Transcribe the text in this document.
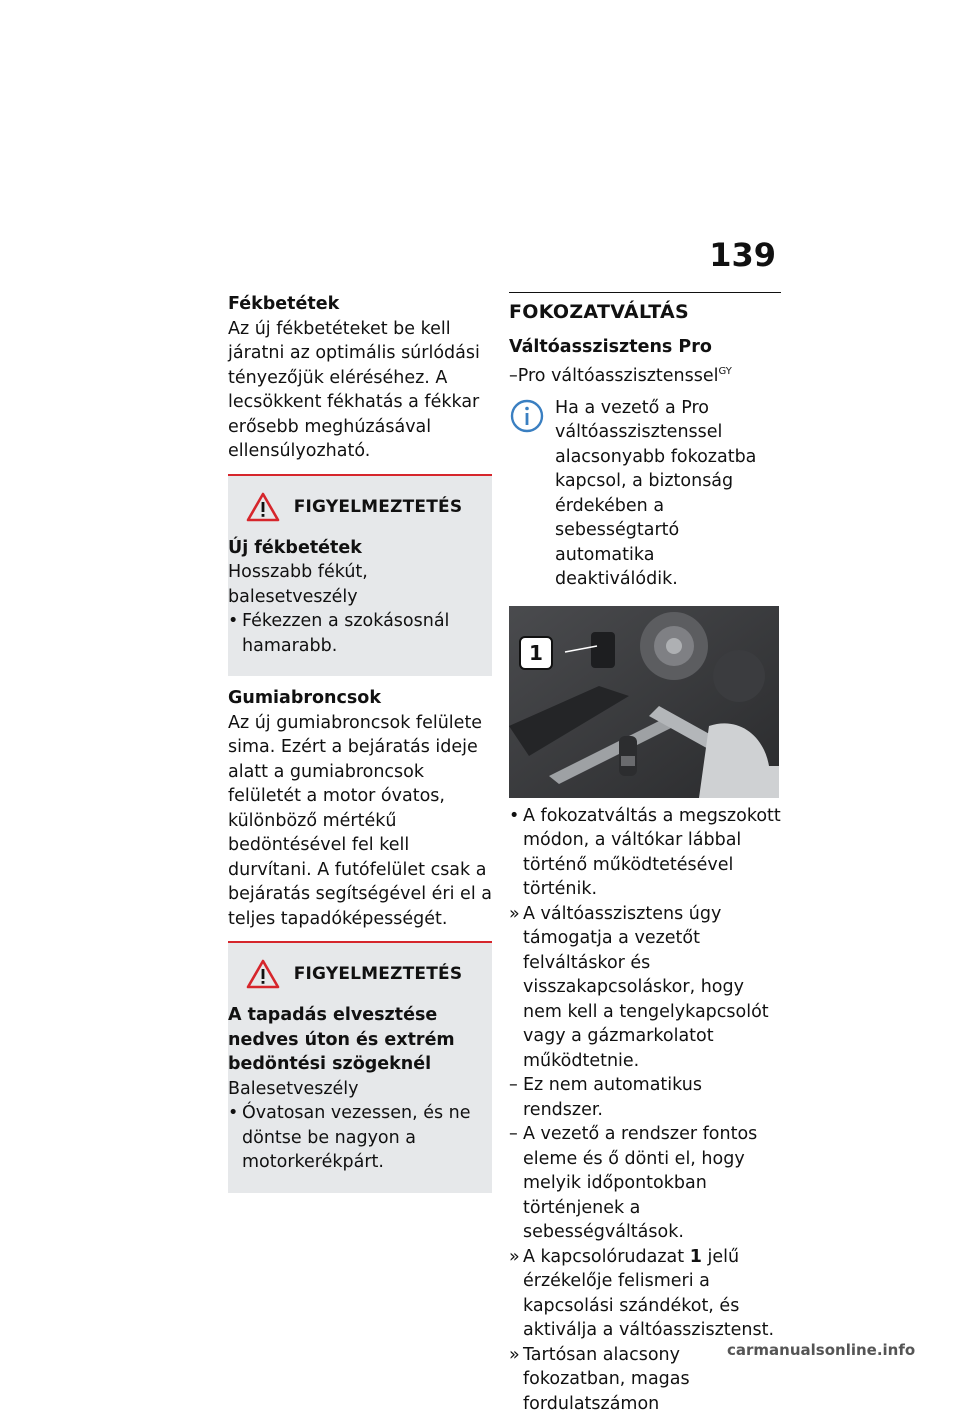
139

Fékbetétek

Az új fékbetéteket be kell járatni az optimális súrlódási tényezőjük eléréséhez. A lecsökkent fékhatás a fékkar erősebb meghúzásával ellensúlyozható.

FIGYELMEZTETÉS

Új fékbetétek

Hosszabb fékút, balesetveszély

• Fékezzen a szokásosnál hamarabb.

Gumiabroncsok

Az új gumiabroncsok felülete sima. Ezért a bejáratás ideje alatt a gumiabroncsok felületét a motor óvatos, különböző mértékű bedöntésével fel kell durvítani. A futófelület csak a bejáratás segítségével éri el a teljes tapadóképességét.

FIGYELMEZTETÉS

A tapadás elvesztése nedves úton és extrém bedöntési szögeknél

Balesetveszély

• Óvatosan vezessen, és ne döntse be nagyon a motorkerékpárt.

FOKOZATVÁLTÁS

Váltóasszisztens Pro

–Pro váltóasszisztenssel$^{GY}$

Ha a vezető a Pro váltóasszisztenssel alacsonyabb fokozatba kapcsol, a biztonság érdekében a sebességtartó automatika deaktiválódik.

1
• A fokozatváltás a megszokott módon, a váltókar lábbal történő működtetésével történik.
» A váltóasszisztens úgy támogatja a vezetőt felváltáskor és visszakapcsoláskor, hogy nem kell a tengelykapcsolót vagy a gázmarkolatot működtetnie.
– Ez nem automatikus rendszer.
– A vezető a rendszer fontos eleme és ő dönti el, hogy melyik időpontokban történjenek a sebességváltások.
» A kapcsolórudazat 1 jelű érzékelője felismeri a kapcsolási szándékot, és aktiválja a váltóasszisztenst.
» Tartósan alacsony fokozatban, magas fordulatszámon
carmanualsonline.info
